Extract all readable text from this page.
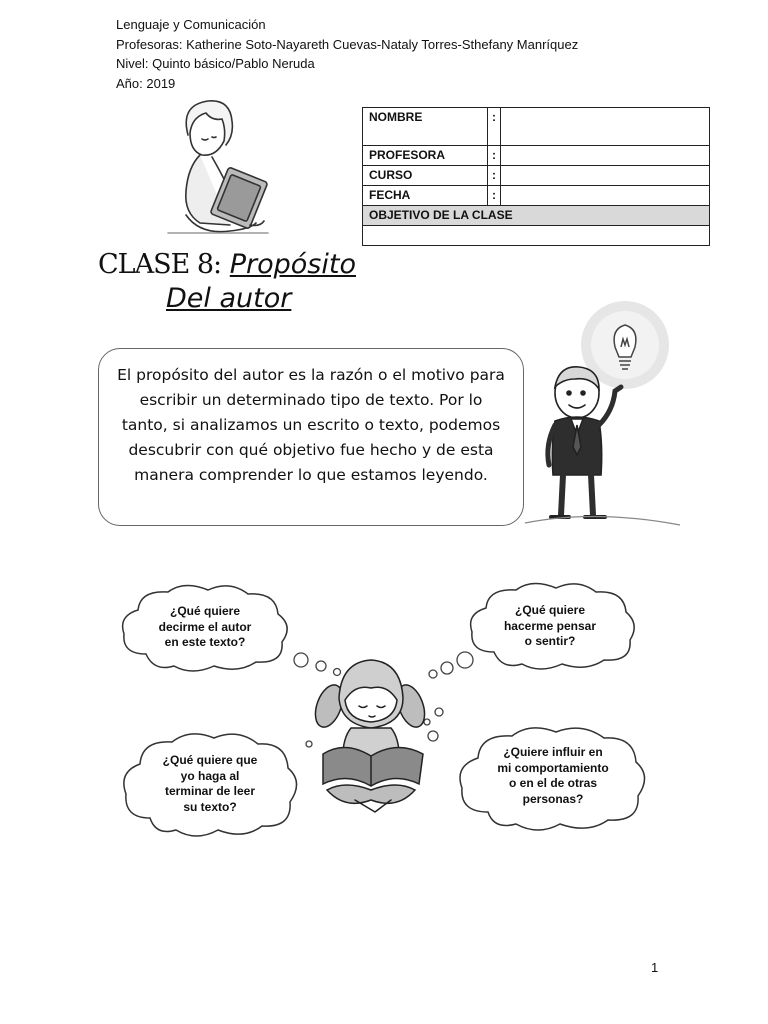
Lenguaje y Comunicación
Profesoras: Katherine Soto-Nayareth Cuevas-Nataly Torres-Sthefany Manríquez
Nivel: Quinto básico/Pablo Neruda
Año: 2019
NOMBRE	:	
PROFESORA	:	
CURSO	:	
FECHA	:	
OBJETIVO DE LA CLASE		

CLASE 8: Propósito
Del autor
El propósito del autor es la razón o el motivo para escribir un determinado tipo de texto. Por lo tanto, si analizamos un escrito o texto, podemos descubrir con qué objetivo fue hecho y de esta manera comprender lo que estamos leyendo.
¿Qué quiere
decirme el autor
en este texto?
¿Qué quiere
hacerme pensar
o sentir?
¿Qué quiere que
yo haga al
terminar de leer
su texto?
¿Quiere influir en
mi comportamiento
o en el de otras
personas?
1
